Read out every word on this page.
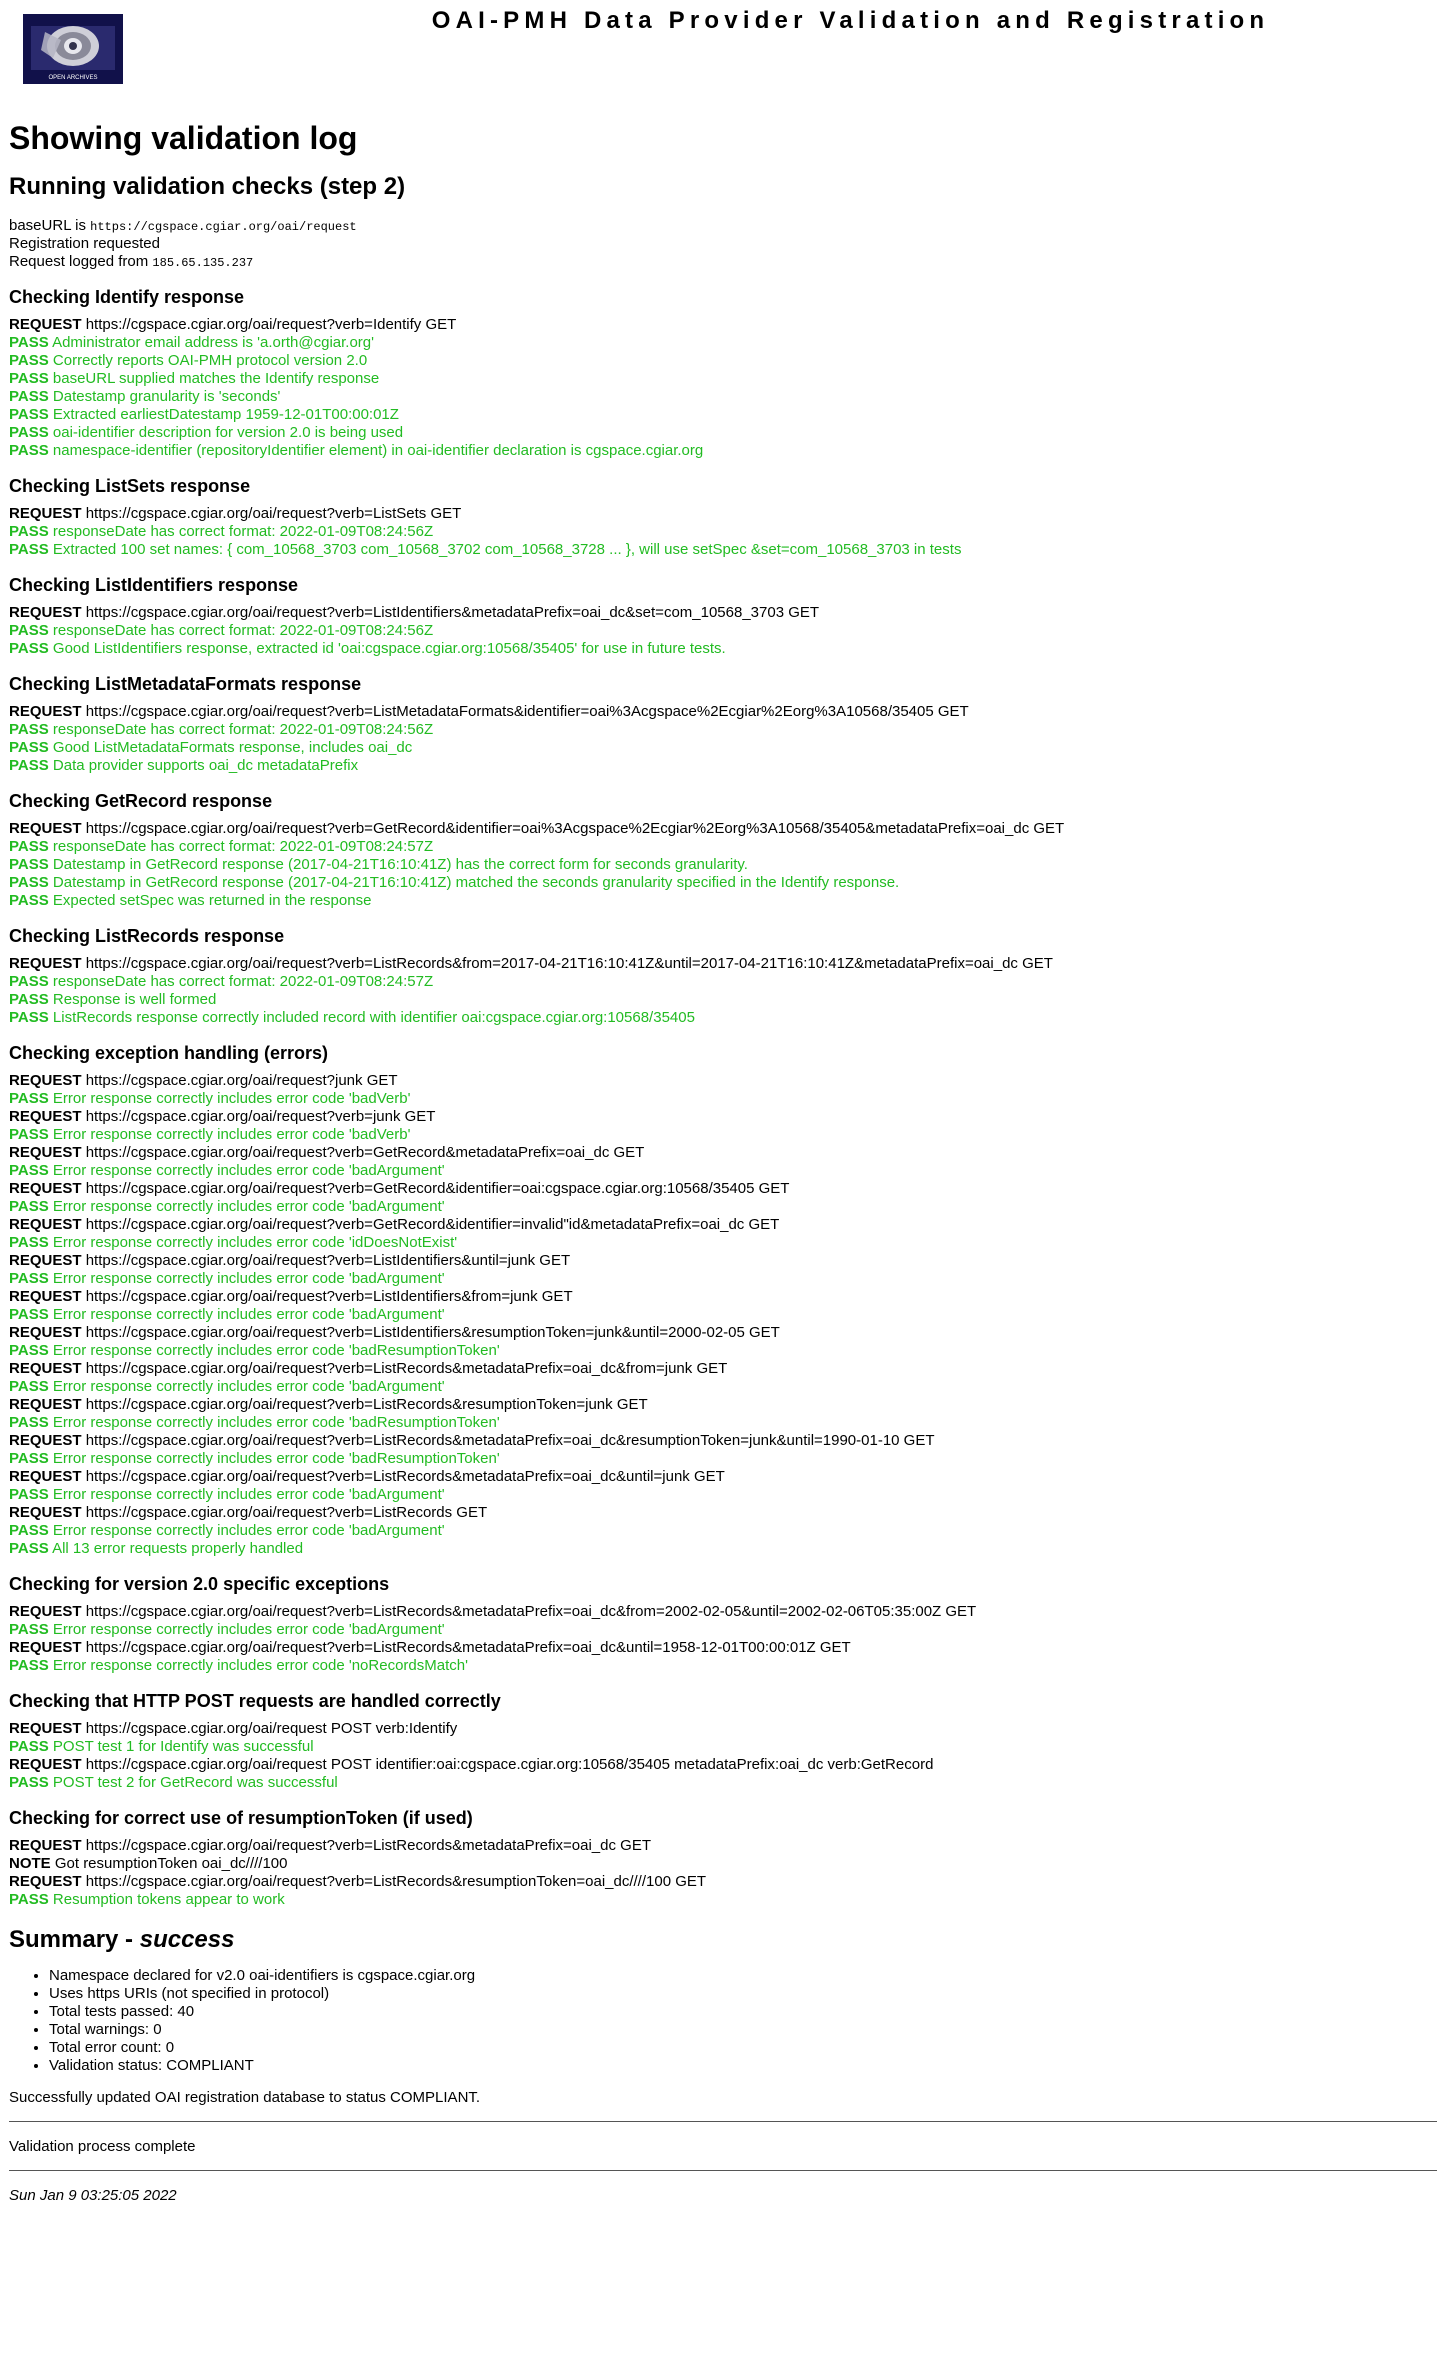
OPEN ARCHIVES
OAI-PMH Data Provider Validation and Registration
Showing validation log
Running validation checks (step 2)
baseURL is https://cgspace.cgiar.org/oai/request
Registration requested
Request logged from 185.65.135.237
Checking Identify response
REQUEST https://cgspace.cgiar.org/oai/request?verb=Identify GET
PASS Administrator email address is 'a.orth@cgiar.org'
PASS Correctly reports OAI-PMH protocol version 2.0
PASS baseURL supplied matches the Identify response
PASS Datestamp granularity is 'seconds'
PASS Extracted earliestDatestamp 1959-12-01T00:00:01Z
PASS oai-identifier description for version 2.0 is being used
PASS namespace-identifier (repositoryIdentifier element) in oai-identifier declaration is cgspace.cgiar.org
Checking ListSets response
REQUEST https://cgspace.cgiar.org/oai/request?verb=ListSets GET
PASS responseDate has correct format: 2022-01-09T08:24:56Z
PASS Extracted 100 set names: { com_10568_3703 com_10568_3702 com_10568_3728 ... }, will use setSpec &set=com_10568_3703 in tests
Checking ListIdentifiers response
REQUEST https://cgspace.cgiar.org/oai/request?verb=ListIdentifiers&metadataPrefix=oai_dc&set=com_10568_3703 GET
PASS responseDate has correct format: 2022-01-09T08:24:56Z
PASS Good ListIdentifiers response, extracted id 'oai:cgspace.cgiar.org:10568/35405' for use in future tests.
Checking ListMetadataFormats response
REQUEST https://cgspace.cgiar.org/oai/request?verb=ListMetadataFormats&identifier=oai%3Acgspace%2Ecgiar%2Eorg%3A10568/35405 GET
PASS responseDate has correct format: 2022-01-09T08:24:56Z
PASS Good ListMetadataFormats response, includes oai_dc
PASS Data provider supports oai_dc metadataPrefix
Checking GetRecord response
REQUEST https://cgspace.cgiar.org/oai/request?verb=GetRecord&identifier=oai%3Acgspace%2Ecgiar%2Eorg%3A10568/35405&metadataPrefix=oai_dc GET
PASS responseDate has correct format: 2022-01-09T08:24:57Z
PASS Datestamp in GetRecord response (2017-04-21T16:10:41Z) has the correct form for seconds granularity.
PASS Datestamp in GetRecord response (2017-04-21T16:10:41Z) matched the seconds granularity specified in the Identify response.
PASS Expected setSpec was returned in the response
Checking ListRecords response
REQUEST https://cgspace.cgiar.org/oai/request?verb=ListRecords&from=2017-04-21T16:10:41Z&until=2017-04-21T16:10:41Z&metadataPrefix=oai_dc GET
PASS responseDate has correct format: 2022-01-09T08:24:57Z
PASS Response is well formed
PASS ListRecords response correctly included record with identifier oai:cgspace.cgiar.org:10568/35405
Checking exception handling (errors)
REQUEST https://cgspace.cgiar.org/oai/request?junk GET
PASS Error response correctly includes error code 'badVerb'
REQUEST https://cgspace.cgiar.org/oai/request?verb=junk GET
PASS Error response correctly includes error code 'badVerb'
REQUEST https://cgspace.cgiar.org/oai/request?verb=GetRecord&metadataPrefix=oai_dc GET
PASS Error response correctly includes error code 'badArgument'
REQUEST https://cgspace.cgiar.org/oai/request?verb=GetRecord&identifier=oai:cgspace.cgiar.org:10568/35405 GET
PASS Error response correctly includes error code 'badArgument'
REQUEST https://cgspace.cgiar.org/oai/request?verb=GetRecord&identifier=invalid"id&metadataPrefix=oai_dc GET
PASS Error response correctly includes error code 'idDoesNotExist'
REQUEST https://cgspace.cgiar.org/oai/request?verb=ListIdentifiers&until=junk GET
PASS Error response correctly includes error code 'badArgument'
REQUEST https://cgspace.cgiar.org/oai/request?verb=ListIdentifiers&from=junk GET
PASS Error response correctly includes error code 'badArgument'
REQUEST https://cgspace.cgiar.org/oai/request?verb=ListIdentifiers&resumptionToken=junk&until=2000-02-05 GET
PASS Error response correctly includes error code 'badResumptionToken'
REQUEST https://cgspace.cgiar.org/oai/request?verb=ListRecords&metadataPrefix=oai_dc&from=junk GET
PASS Error response correctly includes error code 'badArgument'
REQUEST https://cgspace.cgiar.org/oai/request?verb=ListRecords&resumptionToken=junk GET
PASS Error response correctly includes error code 'badResumptionToken'
REQUEST https://cgspace.cgiar.org/oai/request?verb=ListRecords&metadataPrefix=oai_dc&resumptionToken=junk&until=1990-01-10 GET
PASS Error response correctly includes error code 'badResumptionToken'
REQUEST https://cgspace.cgiar.org/oai/request?verb=ListRecords&metadataPrefix=oai_dc&until=junk GET
PASS Error response correctly includes error code 'badArgument'
REQUEST https://cgspace.cgiar.org/oai/request?verb=ListRecords GET
PASS Error response correctly includes error code 'badArgument'
PASS All 13 error requests properly handled
Checking for version 2.0 specific exceptions
REQUEST https://cgspace.cgiar.org/oai/request?verb=ListRecords&metadataPrefix=oai_dc&from=2002-02-05&until=2002-02-06T05:35:00Z GET
PASS Error response correctly includes error code 'badArgument'
REQUEST https://cgspace.cgiar.org/oai/request?verb=ListRecords&metadataPrefix=oai_dc&until=1958-12-01T00:00:01Z GET
PASS Error response correctly includes error code 'noRecordsMatch'
Checking that HTTP POST requests are handled correctly
REQUEST https://cgspace.cgiar.org/oai/request POST verb:Identify
PASS POST test 1 for Identify was successful
REQUEST https://cgspace.cgiar.org/oai/request POST identifier:oai:cgspace.cgiar.org:10568/35405 metadataPrefix:oai_dc verb:GetRecord
PASS POST test 2 for GetRecord was successful
Checking for correct use of resumptionToken (if used)
REQUEST https://cgspace.cgiar.org/oai/request?verb=ListRecords&metadataPrefix=oai_dc GET
NOTE Got resumptionToken oai_dc////100
REQUEST https://cgspace.cgiar.org/oai/request?verb=ListRecords&resumptionToken=oai_dc////100 GET
PASS Resumption tokens appear to work
Summary - success
• Namespace declared for v2.0 oai-identifiers is cgspace.cgiar.org
• Uses https URIs (not specified in protocol)
• Total tests passed: 40
• Total warnings: 0
• Total error count: 0
• Validation status: COMPLIANT
Successfully updated OAI registration database to status COMPLIANT.
Validation process complete
Sun Jan 9 03:25:05 2022
